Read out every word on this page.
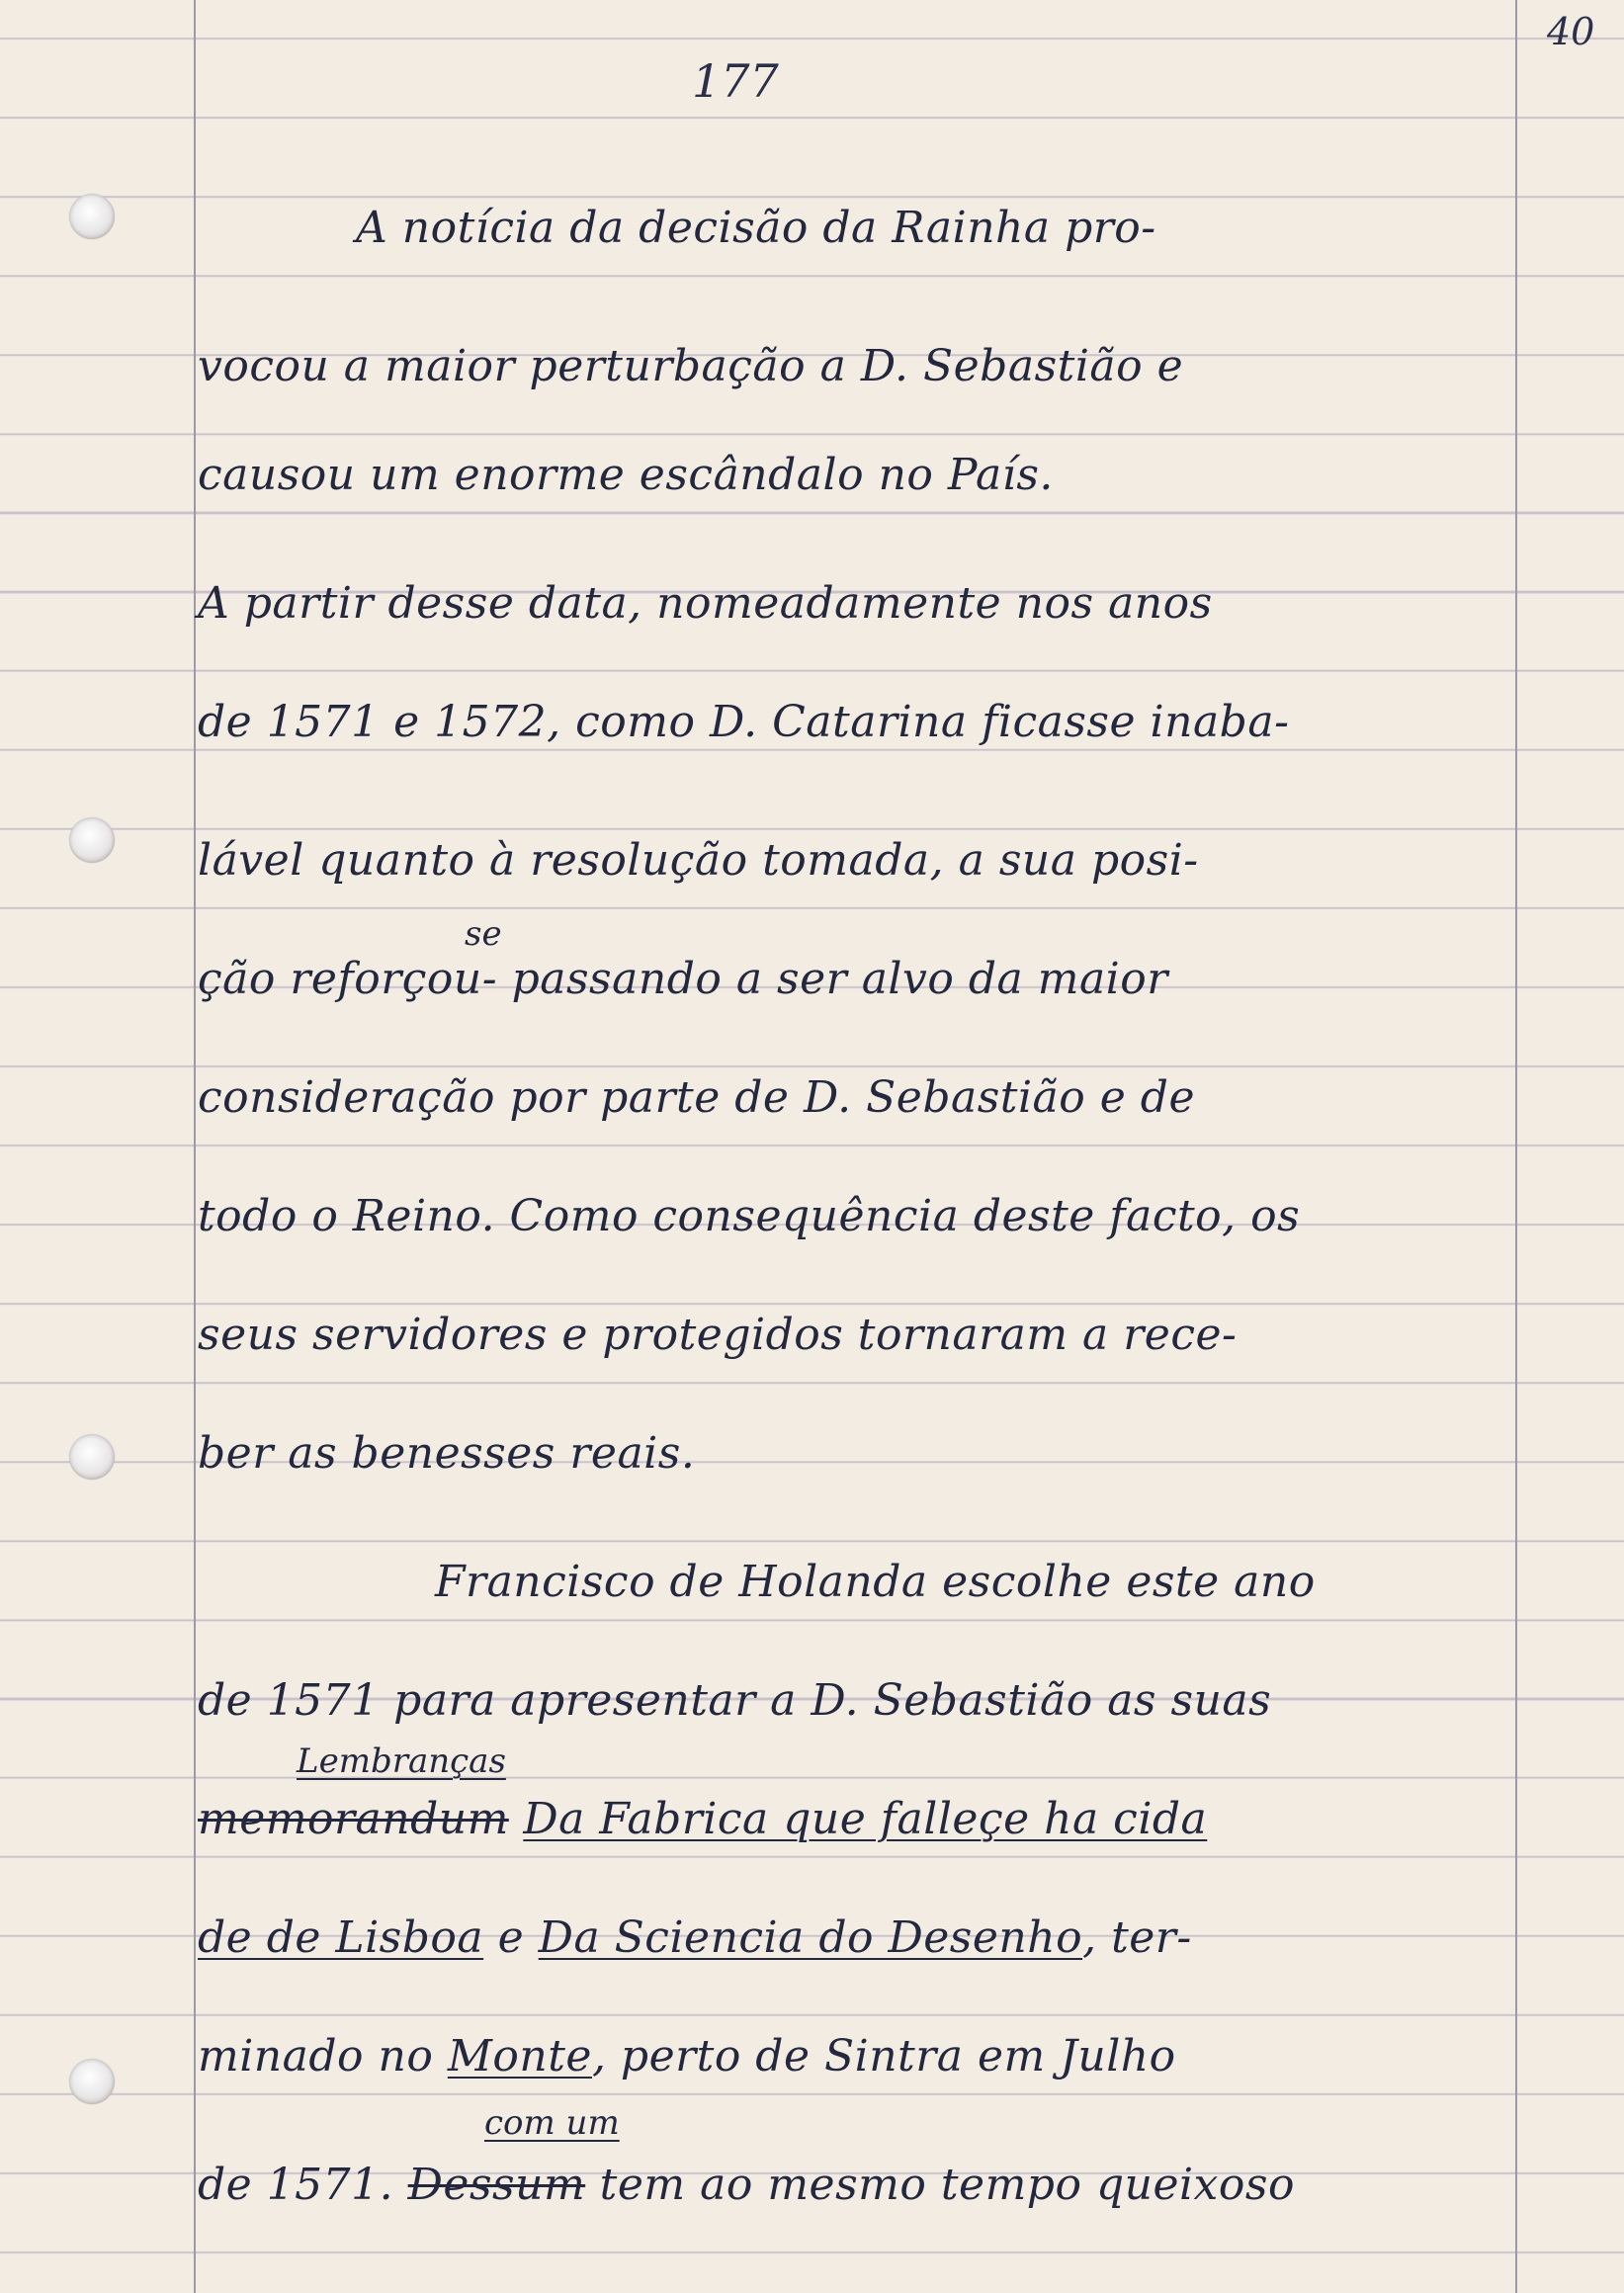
40
177
A notícia da decisão da Rainha pro-
vocou a maior perturbação a D. Sebastião e
causou um enorme escândalo no País.
A partir desse data, nomeadamente nos anos
de 1571 e 1572, como D. Catarina ficasse inaba-
lável quanto à resolução tomada, a sua posi-
ção reforçou- passando a ser alvo da maior
se
consideração por parte de D. Sebastião e de
todo o Reino. Como consequência deste facto, os
seus servidores e protegidos tornaram a rece-
ber as benesses reais.
Francisco de Holanda escolhe este ano
de 1571 para apresentar a D. Sebastião as suas
Lembranças
memorandum Da Fabrica que falleçe ha cida
de de Lisboa e Da Sciencia do Desenho, ter-
minado no Monte, perto de Sintra em Julho
com um
de 1571. Dessum tem ao mesmo tempo queixoso
